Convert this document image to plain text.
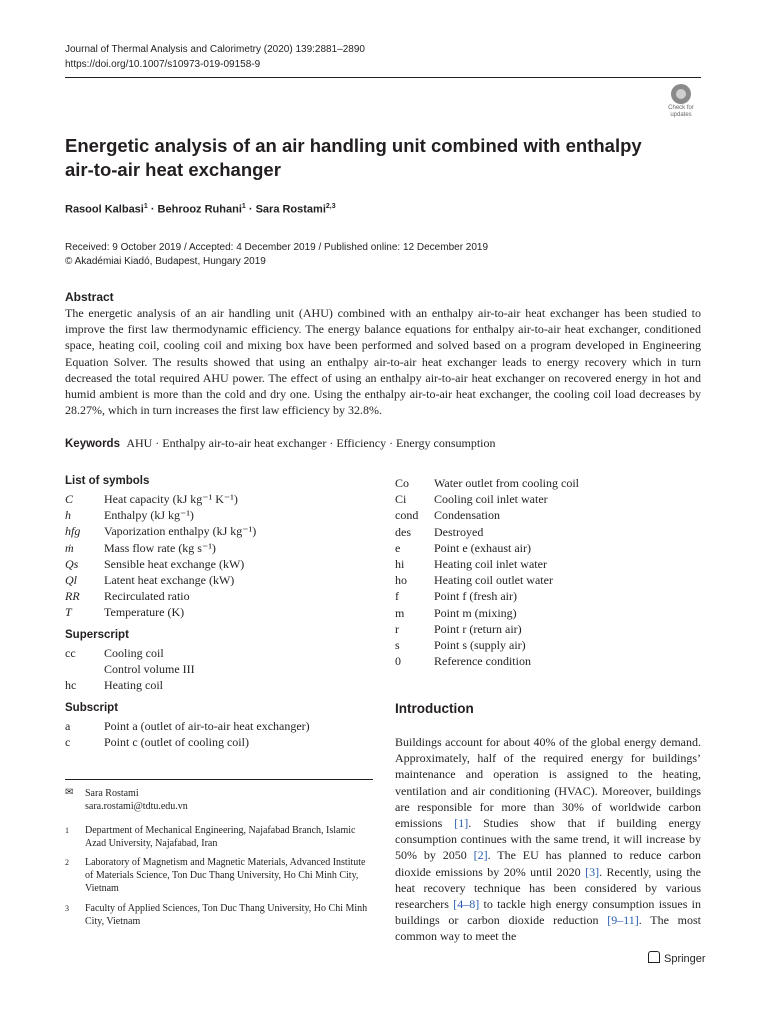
Journal of Thermal Analysis and Calorimetry (2020) 139:2881–2890
https://doi.org/10.1007/s10973-019-09158-9
Check for
updates
Energetic analysis of an air handling unit combined with enthalpy air-to-air heat exchanger
Rasool Kalbasi$^1$ · Behrooz Ruhani$^1$ · Sara Rostami$^{2,3}$
Received: 9 October 2019 / Accepted: 4 December 2019 / Published online: 12 December 2019
© Akadémiai Kiadó, Budapest, Hungary 2019
Abstract
The energetic analysis of an air handling unit (AHU) combined with an enthalpy air-to-air heat exchanger has been studied to improve the first law thermodynamic efficiency. The energy balance equations for enthalpy air-to-air heat exchanger, conditioned space, heating coil, cooling coil and mixing box have been performed and solved based on a program developed in Engineering Equation Solver. The results showed that using an enthalpy air-to-air heat exchanger leads to energy recovery which in turn decreased the total required AHU power. The effect of using an enthalpy air-to-air heat exchanger on recovered energy in hot and humid ambient is more than the cold and dry one. Using the enthalpy air-to-air heat exchanger, the cooling coil load decreases by 28.27%, which in turn increases the first law efficiency by 32.8%.
Keywords AHU · Enthalpy air-to-air heat exchanger · Efficiency · Energy consumption
List of symbols
Superscript
Subscript
C	Heat capacity (kJ kg⁻¹ K⁻¹)
h	Enthalpy (kJ kg⁻¹)
hfg Vaporization enthalpy (kJ kg⁻¹)
ṁ	Mass flow rate (kg s⁻¹)
Qs Sensible heat exchange (kW)
Ql Latent heat exchange (kW)
RR Recirculated ratio
T	Temperature (K)
cc Cooling coil
Control volume III
hc Heating coil
a	Point a (outlet of air-to-air heat exchanger)
c	Point c (outlet of cooling coil)
Co Water outlet from cooling coil
Ci Cooling coil inlet water
cond Condensation
des Destroyed
e	Point e (exhaust air)
hi Heating coil inlet water
ho Heating coil outlet water
f	Point f (fresh air)
m Point m (mixing)
r	Point r (return air)
s	Point s (supply air)
0	Reference condition
✉ Sara Rostami
sara.rostami@tdtu.edu.vn
1 Department of Mechanical Engineering, Najafabad Branch, Islamic Azad University, Najafabad, Iran
2 Laboratory of Magnetism and Magnetic Materials, Advanced Institute of Materials Science, Ton Duc Thang University, Ho Chi Minh City, Vietnam
3 Faculty of Applied Sciences, Ton Duc Thang University, Ho Chi Minh City, Vietnam
Introduction
Buildings account for about 40% of the global energy demand. Approximately, half of the required energy for buildings’ maintenance and operation is assigned to the heating, ventilation and air conditioning (HVAC). Moreover, buildings are responsible for more than 30% of worldwide carbon emissions [1]. Studies show that if building energy consumption continues with the same trend, it will increase by 50% by 2050 [2]. The EU has planned to reduce carbon dioxide emissions by 20% until 2020 [3]. Recently, using the heat recovery technique has been considered by various researchers [4–8] to tackle high energy consumption issues in buildings or carbon dioxide reduction [9–11]. The most common way to meet the
Springer
